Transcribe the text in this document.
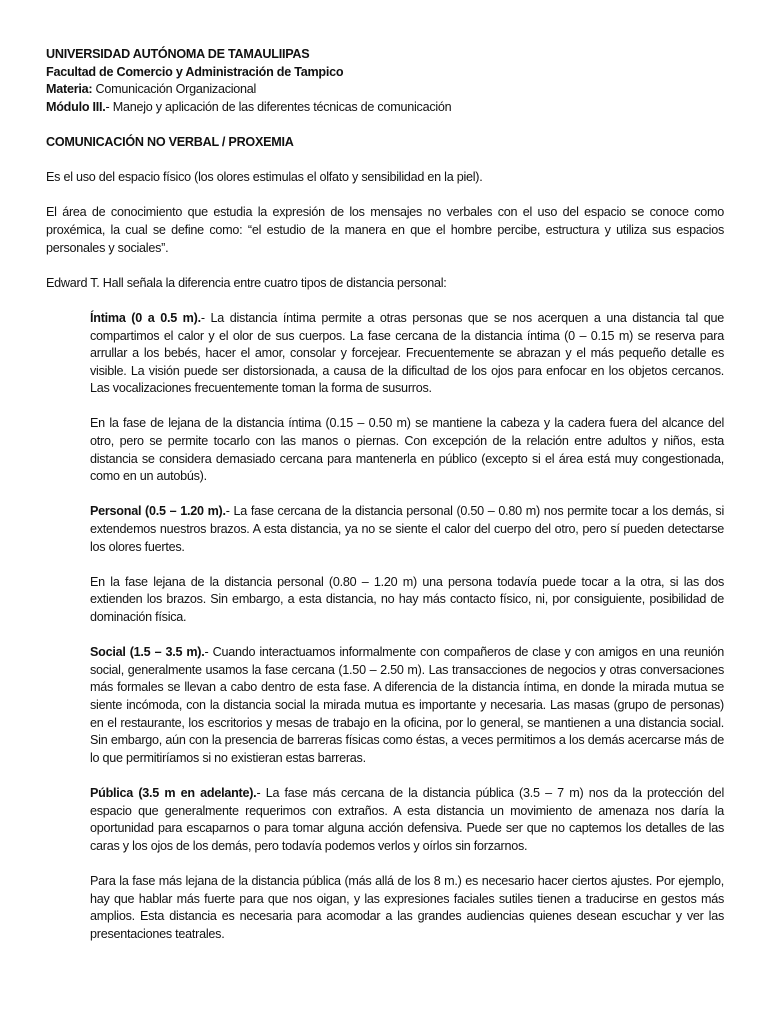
UNIVERSIDAD AUTÓNOMA DE TAMAULIIPAS
Facultad de Comercio y Administración de Tampico
Materia: Comunicación Organizacional
Módulo III.- Manejo y aplicación de las diferentes técnicas de comunicación
COMUNICACIÓN NO VERBAL / PROXEMIA

Es el uso del espacio físico (los olores estimulas el olfato y sensibilidad en la piel).

El área de conocimiento que estudia la expresión de los mensajes no verbales con el uso del espacio se conoce como proxémica, la cual se define como: “el estudio de la manera en que el hombre percibe, estructura y utiliza sus espacios personales y sociales”.

Edward T. Hall señala la diferencia entre cuatro tipos de distancia personal:

Íntima (0 a 0.5 m).- La distancia íntima permite a otras personas que se nos acerquen a una distancia tal que compartimos el calor y el olor de sus cuerpos. La fase cercana de la distancia íntima (0 – 0.15 m) se reserva para arrullar a los bebés, hacer el amor, consolar y forcejear. Frecuentemente se abrazan y el más pequeño detalle es visible. La visión puede ser distorsionada, a causa de la dificultad de los ojos para enfocar en los objetos cercanos. Las vocalizaciones frecuentemente toman la forma de susurros.

En la fase de lejana de la distancia íntima (0.15 – 0.50 m) se mantiene la cabeza y la cadera fuera del alcance del otro, pero se permite tocarlo con las manos o piernas. Con excepción de la relación entre adultos y niños, esta distancia se considera demasiado cercana para mantenerla en público (excepto si el área está muy congestionada, como en un autobús).

Personal (0.5 – 1.20 m).- La fase cercana de la distancia personal (0.50 – 0.80 m) nos permite tocar a los demás, si extendemos nuestros brazos. A esta distancia, ya no se siente el calor del cuerpo del otro, pero sí pueden detectarse los olores fuertes.

En la fase lejana de la distancia personal (0.80 – 1.20 m) una persona todavía puede tocar a la otra, si las dos extienden los brazos. Sin embargo, a esta distancia, no hay más contacto físico, ni, por consiguiente, posibilidad de dominación física.

Social (1.5 – 3.5 m).- Cuando interactuamos informalmente con compañeros de clase y con amigos en una reunión social, generalmente usamos la fase cercana (1.50 – 2.50 m). Las transacciones de negocios y otras conversaciones más formales se llevan a cabo dentro de esta fase. A diferencia de la distancia íntima, en donde la mirada mutua se siente incómoda, con la distancia social la mirada mutua es importante y necesaria. Las masas (grupo de personas) en el restaurante, los escritorios y mesas de trabajo en la oficina, por lo general, se mantienen a una distancia social. Sin embargo, aún con la presencia de barreras físicas como éstas, a veces permitimos a los demás acercarse más de lo que permitiríamos si no existieran estas barreras.

Pública (3.5 m en adelante).- La fase más cercana de la distancia pública (3.5 – 7 m) nos da la protección del espacio que generalmente requerimos con extraños. A esta distancia un movimiento de amenaza nos daría la oportunidad para escaparnos o para tomar alguna acción defensiva. Puede ser que no captemos los detalles de las caras y los ojos de los demás, pero todavía podemos verlos y oírlos sin forzarnos.

Para la fase más lejana de la distancia pública (más allá de los 8 m.) es necesario hacer ciertos ajustes. Por ejemplo, hay que hablar más fuerte para que nos oigan, y las expresiones faciales sutiles tienen a traducirse en gestos más amplios. Esta distancia es necesaria para acomodar a las grandes audiencias quienes desean escuchar y ver las presentaciones teatrales.
